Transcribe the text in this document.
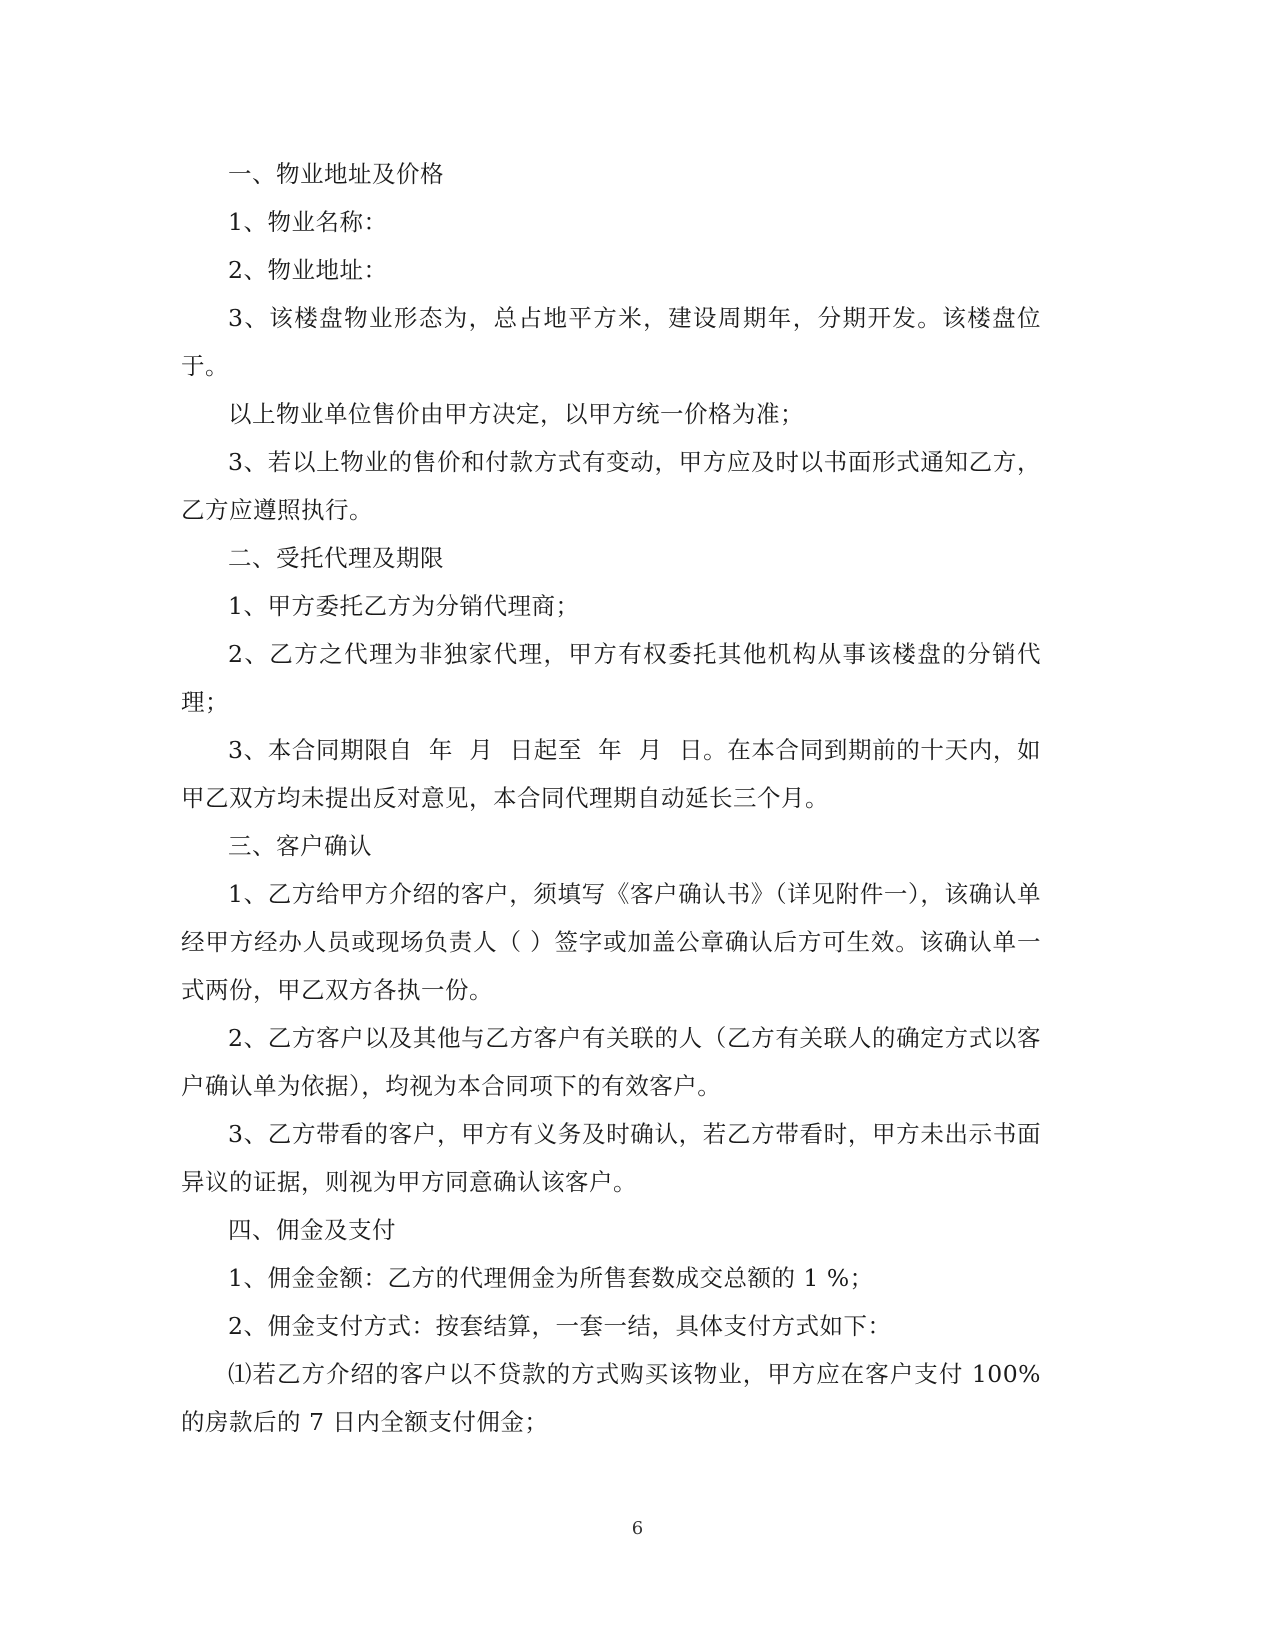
一、物业地址及价格

1、物业名称：

2、物业地址：

3、该楼盘物业形态为，总占地平方米，建设周期年，分期开发。该楼盘位于。

以上物业单位售价由甲方决定，以甲方统一价格为准；

3、若以上物业的售价和付款方式有变动，甲方应及时以书面形式通知乙方，乙方应遵照执行。

二、受托代理及期限

1、甲方委托乙方为分销代理商；

2、乙方之代理为非独家代理，甲方有权委托其他机构从事该楼盘的分销代理；

3、本合同期限自  年  月  日起至  年  月  日。在本合同到期前的十天内，如甲乙双方均未提出反对意见，本合同代理期自动延长三个月。

三、客户确认

1、乙方给甲方介绍的客户，须填写《客户确认书》（详见附件一），该确认单经甲方经办人员或现场负责人（ ）签字或加盖公章确认后方可生效。该确认单一式两份，甲乙双方各执一份。

2、乙方客户以及其他与乙方客户有关联的人（乙方有关联人的确定方式以客户确认单为依据），均视为本合同项下的有效客户。

3、乙方带看的客户，甲方有义务及时确认，若乙方带看时，甲方未出示书面异议的证据，则视为甲方同意确认该客户。

四、佣金及支付

1、佣金金额：乙方的代理佣金为所售套数成交总额的 1 %；

2、佣金支付方式：按套结算，一套一结，具体支付方式如下：

⑴若乙方介绍的客户以不贷款的方式购买该物业，甲方应在客户支付 100%的房款后的 7 日内全额支付佣金；

6
